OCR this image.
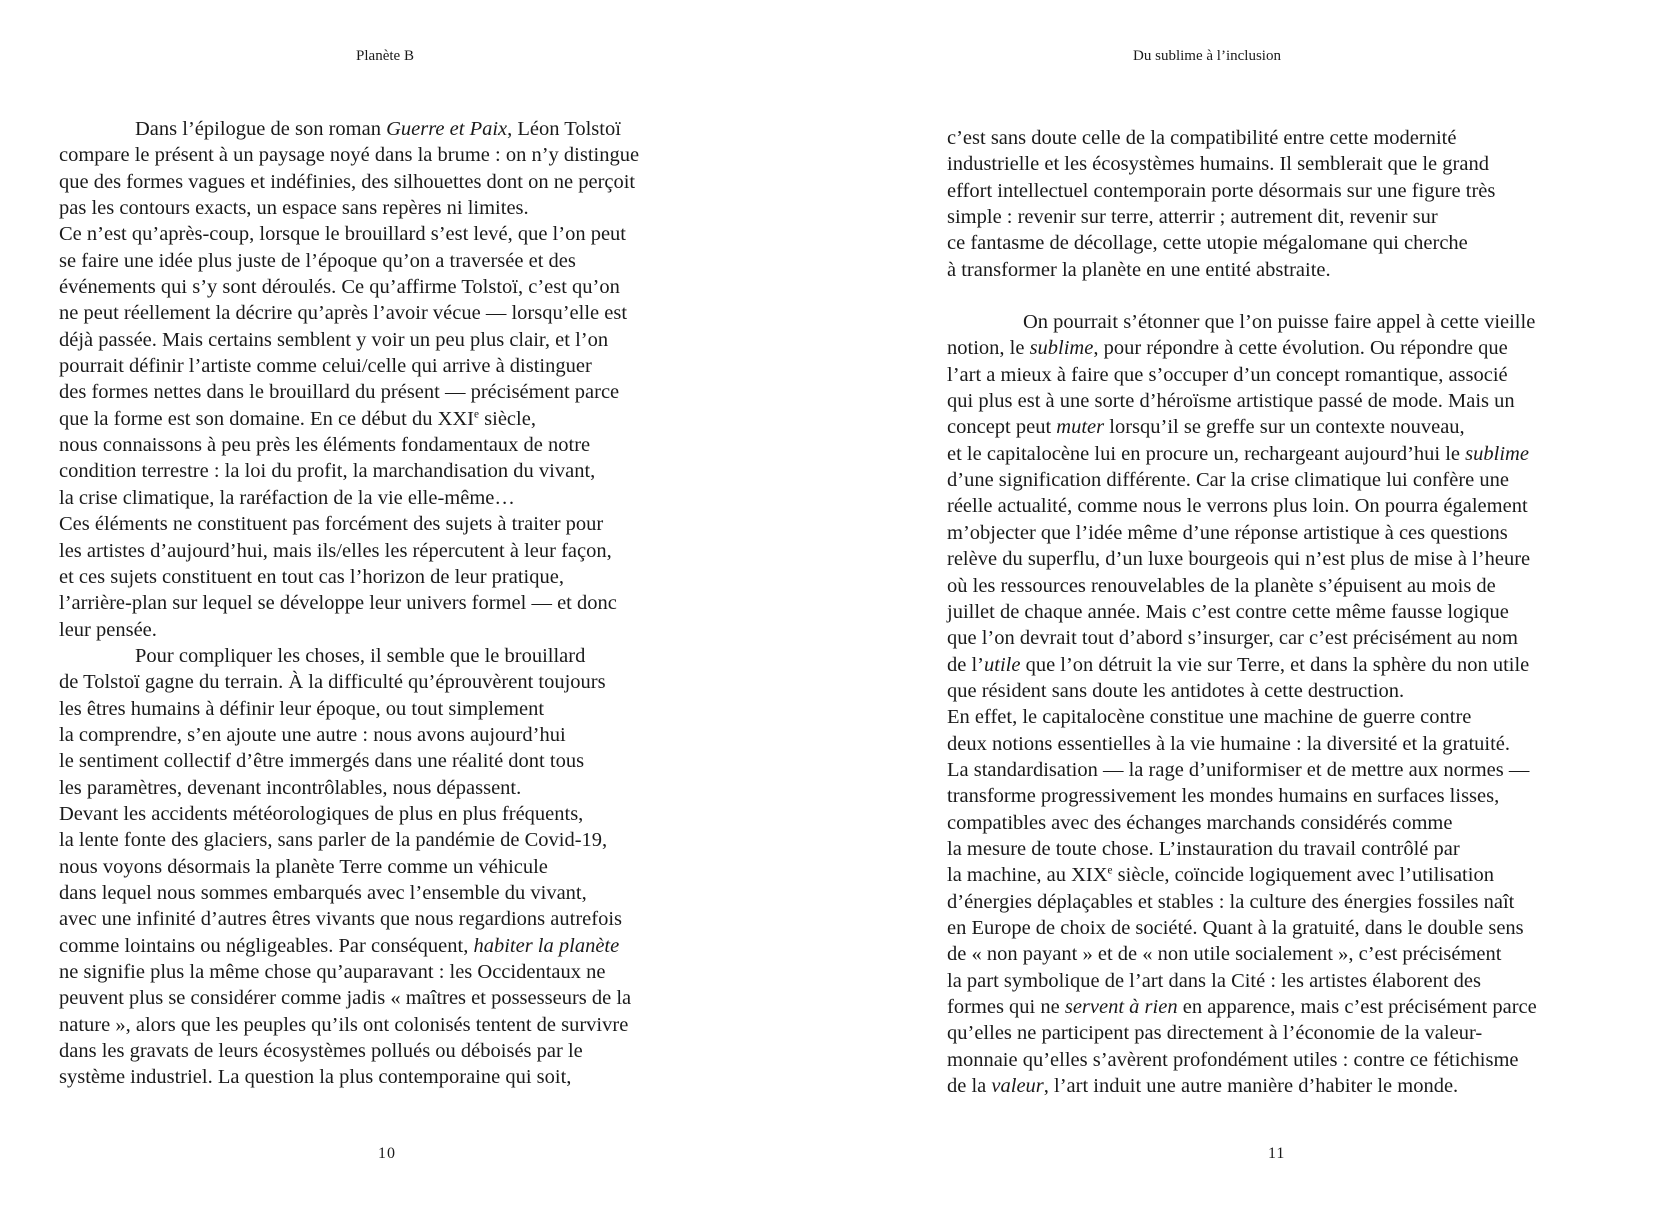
Planète B
Dans l’épilogue de son roman Guerre et Paix, Léon Tolstoï
compare le présent à un paysage noyé dans la brume : on n’y distingue
que des formes vagues et indéfinies, des silhouettes dont on ne perçoit
pas les contours exacts, un espace sans repères ni limites.
Ce n’est qu’après-coup, lorsque le brouillard s’est levé, que l’on peut
se faire une idée plus juste de l’époque qu’on a traversée et des
événements qui s’y sont déroulés. Ce qu’affirme Tolstoï, c’est qu’on
ne peut réellement la décrire qu’après l’avoir vécue — lorsqu’elle est
déjà passée. Mais certains semblent y voir un peu plus clair, et l’on
pourrait définir l’artiste comme celui/celle qui arrive à distinguer
des formes nettes dans le brouillard du présent — précisément parce
que la forme est son domaine. En ce début du XXIe siècle,
nous connaissons à peu près les éléments fondamentaux de notre
condition terrestre : la loi du profit, la marchandisation du vivant,
la crise climatique, la raréfaction de la vie elle-même…
Ces éléments ne constituent pas forcément des sujets à traiter pour
les artistes d’aujourd’hui, mais ils/elles les répercutent à leur façon,
et ces sujets constituent en tout cas l’horizon de leur pratique,
l’arrière-plan sur lequel se développe leur univers formel — et donc
leur pensée.
Pour compliquer les choses, il semble que le brouillard
de Tolstoï gagne du terrain. À la difficulté qu’éprouvèrent toujours
les êtres humains à définir leur époque, ou tout simplement
la comprendre, s’en ajoute une autre : nous avons aujourd’hui
le sentiment collectif d’être immergés dans une réalité dont tous
les paramètres, devenant incontrôlables, nous dépassent.
Devant les accidents météorologiques de plus en plus fréquents,
la lente fonte des glaciers, sans parler de la pandémie de Covid-19,
nous voyons désormais la planète Terre comme un véhicule
dans lequel nous sommes embarqués avec l’ensemble du vivant,
avec une infinité d’autres êtres vivants que nous regardions autrefois
comme lointains ou négligeables. Par conséquent, habiter la planète
ne signifie plus la même chose qu’auparavant : les Occidentaux ne
peuvent plus se considérer comme jadis « maîtres et possesseurs de la
nature », alors que les peuples qu’ils ont colonisés tentent de survivre
dans les gravats de leurs écosystèmes pollués ou déboisés par le
système industriel. La question la plus contemporaine qui soit,
10
Du sublime à l’inclusion
c’est sans doute celle de la compatibilité entre cette modernité
industrielle et les écosystèmes humains. Il semblerait que le grand
effort intellectuel contemporain porte désormais sur une figure très
simple : revenir sur terre, atterrir ; autrement dit, revenir sur
ce fantasme de décollage, cette utopie mégalomane qui cherche
à transformer la planète en une entité abstraite.
On pourrait s’étonner que l’on puisse faire appel à cette vieille
notion, le sublime, pour répondre à cette évolution. Ou répondre que
l’art a mieux à faire que s’occuper d’un concept romantique, associé
qui plus est à une sorte d’héroïsme artistique passé de mode. Mais un
concept peut muter lorsqu’il se greffe sur un contexte nouveau,
et le capitalocène lui en procure un, rechargeant aujourd’hui le sublime
d’une signification différente. Car la crise climatique lui confère une
réelle actualité, comme nous le verrons plus loin. On pourra également
m’objecter que l’idée même d’une réponse artistique à ces questions
relève du superflu, d’un luxe bourgeois qui n’est plus de mise à l’heure
où les ressources renouvelables de la planète s’épuisent au mois de
juillet de chaque année. Mais c’est contre cette même fausse logique
que l’on devrait tout d’abord s’insurger, car c’est précisément au nom
de l’utile que l’on détruit la vie sur Terre, et dans la sphère du non utile
que résident sans doute les antidotes à cette destruction.
En effet, le capitalocène constitue une machine de guerre contre
deux notions essentielles à la vie humaine : la diversité et la gratuité.
La standardisation — la rage d’uniformiser et de mettre aux normes —
transforme progressivement les mondes humains en surfaces lisses,
compatibles avec des échanges marchands considérés comme
la mesure de toute chose. L’instauration du travail contrôlé par
la machine, au XIXe siècle, coïncide logiquement avec l’utilisation
d’énergies déplaçables et stables : la culture des énergies fossiles naît
en Europe de choix de société. Quant à la gratuité, dans le double sens
de « non payant » et de « non utile socialement », c’est précisément
la part symbolique de l’art dans la Cité : les artistes élaborent des
formes qui ne servent à rien en apparence, mais c’est précisément parce
qu’elles ne participent pas directement à l’économie de la valeur-
monnaie qu’elles s’avèrent profondément utiles : contre ce fétichisme
de la valeur, l’art induit une autre manière d’habiter le monde.
11
